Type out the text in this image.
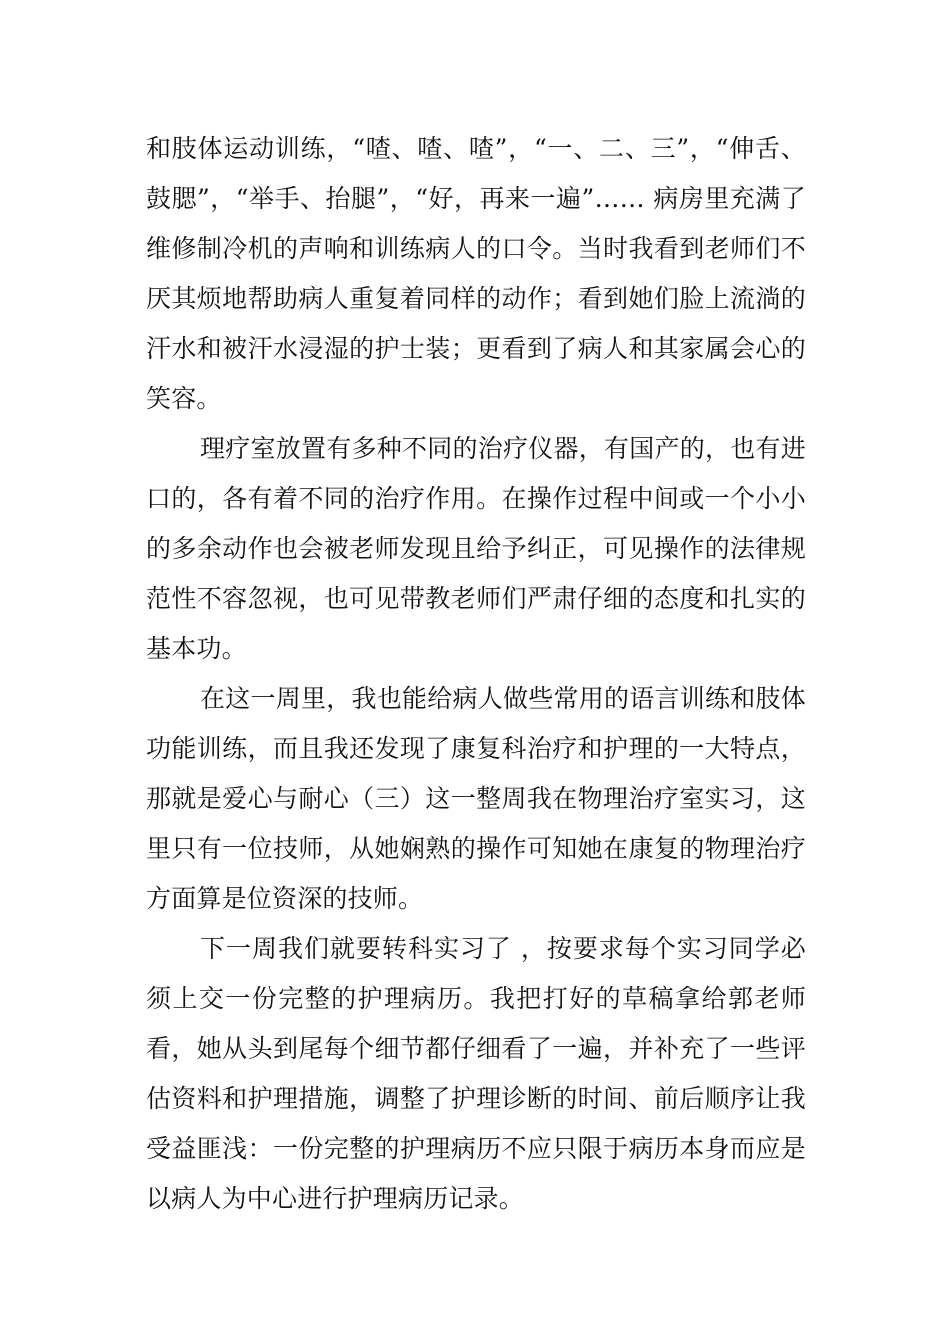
和肢体运动训练，“喳、喳、喳”，“一、二、三”，“伸舌、鼓腮”，“举手、抬腿”，“好，再来一遍”…… 病房里充满了维修制冷机的声响和训练病人的口令。当时我看到老师们不厌其烦地帮助病人重复着同样的动作；看到她们脸上流淌的汗水和被汗水浸湿的护士装；更看到了病人和其家属会心的笑容。

理疗室放置有多种不同的治疗仪器，有国产的，也有进口的，各有着不同的治疗作用。在操作过程中间或一个小小的多余动作也会被老师发现且给予纠正，可见操作的法律规范性不容忽视，也可见带教老师们严肃仔细的态度和扎实的基本功。

在这一周里，我也能给病人做些常用的语言训练和肢体功能训练，而且我还发现了康复科治疗和护理的一大特点，那就是爱心与耐心（三）这一整周我在物理治疗室实习，这里只有一位技师，从她娴熟的操作可知她在康复的物理治疗方面算是位资深的技师。

下一周我们就要转科实习了 ，按要求每个实习同学必须上交一份完整的护理病历。我把打好的草稿拿给郭老师看，她从头到尾每个细节都仔细看了一遍，并补充了一些评估资料和护理措施，调整了护理诊断的时间、前后顺序让我受益匪浅：一份完整的护理病历不应只限于病历本身而应是以病人为中心进行护理病历记录。
